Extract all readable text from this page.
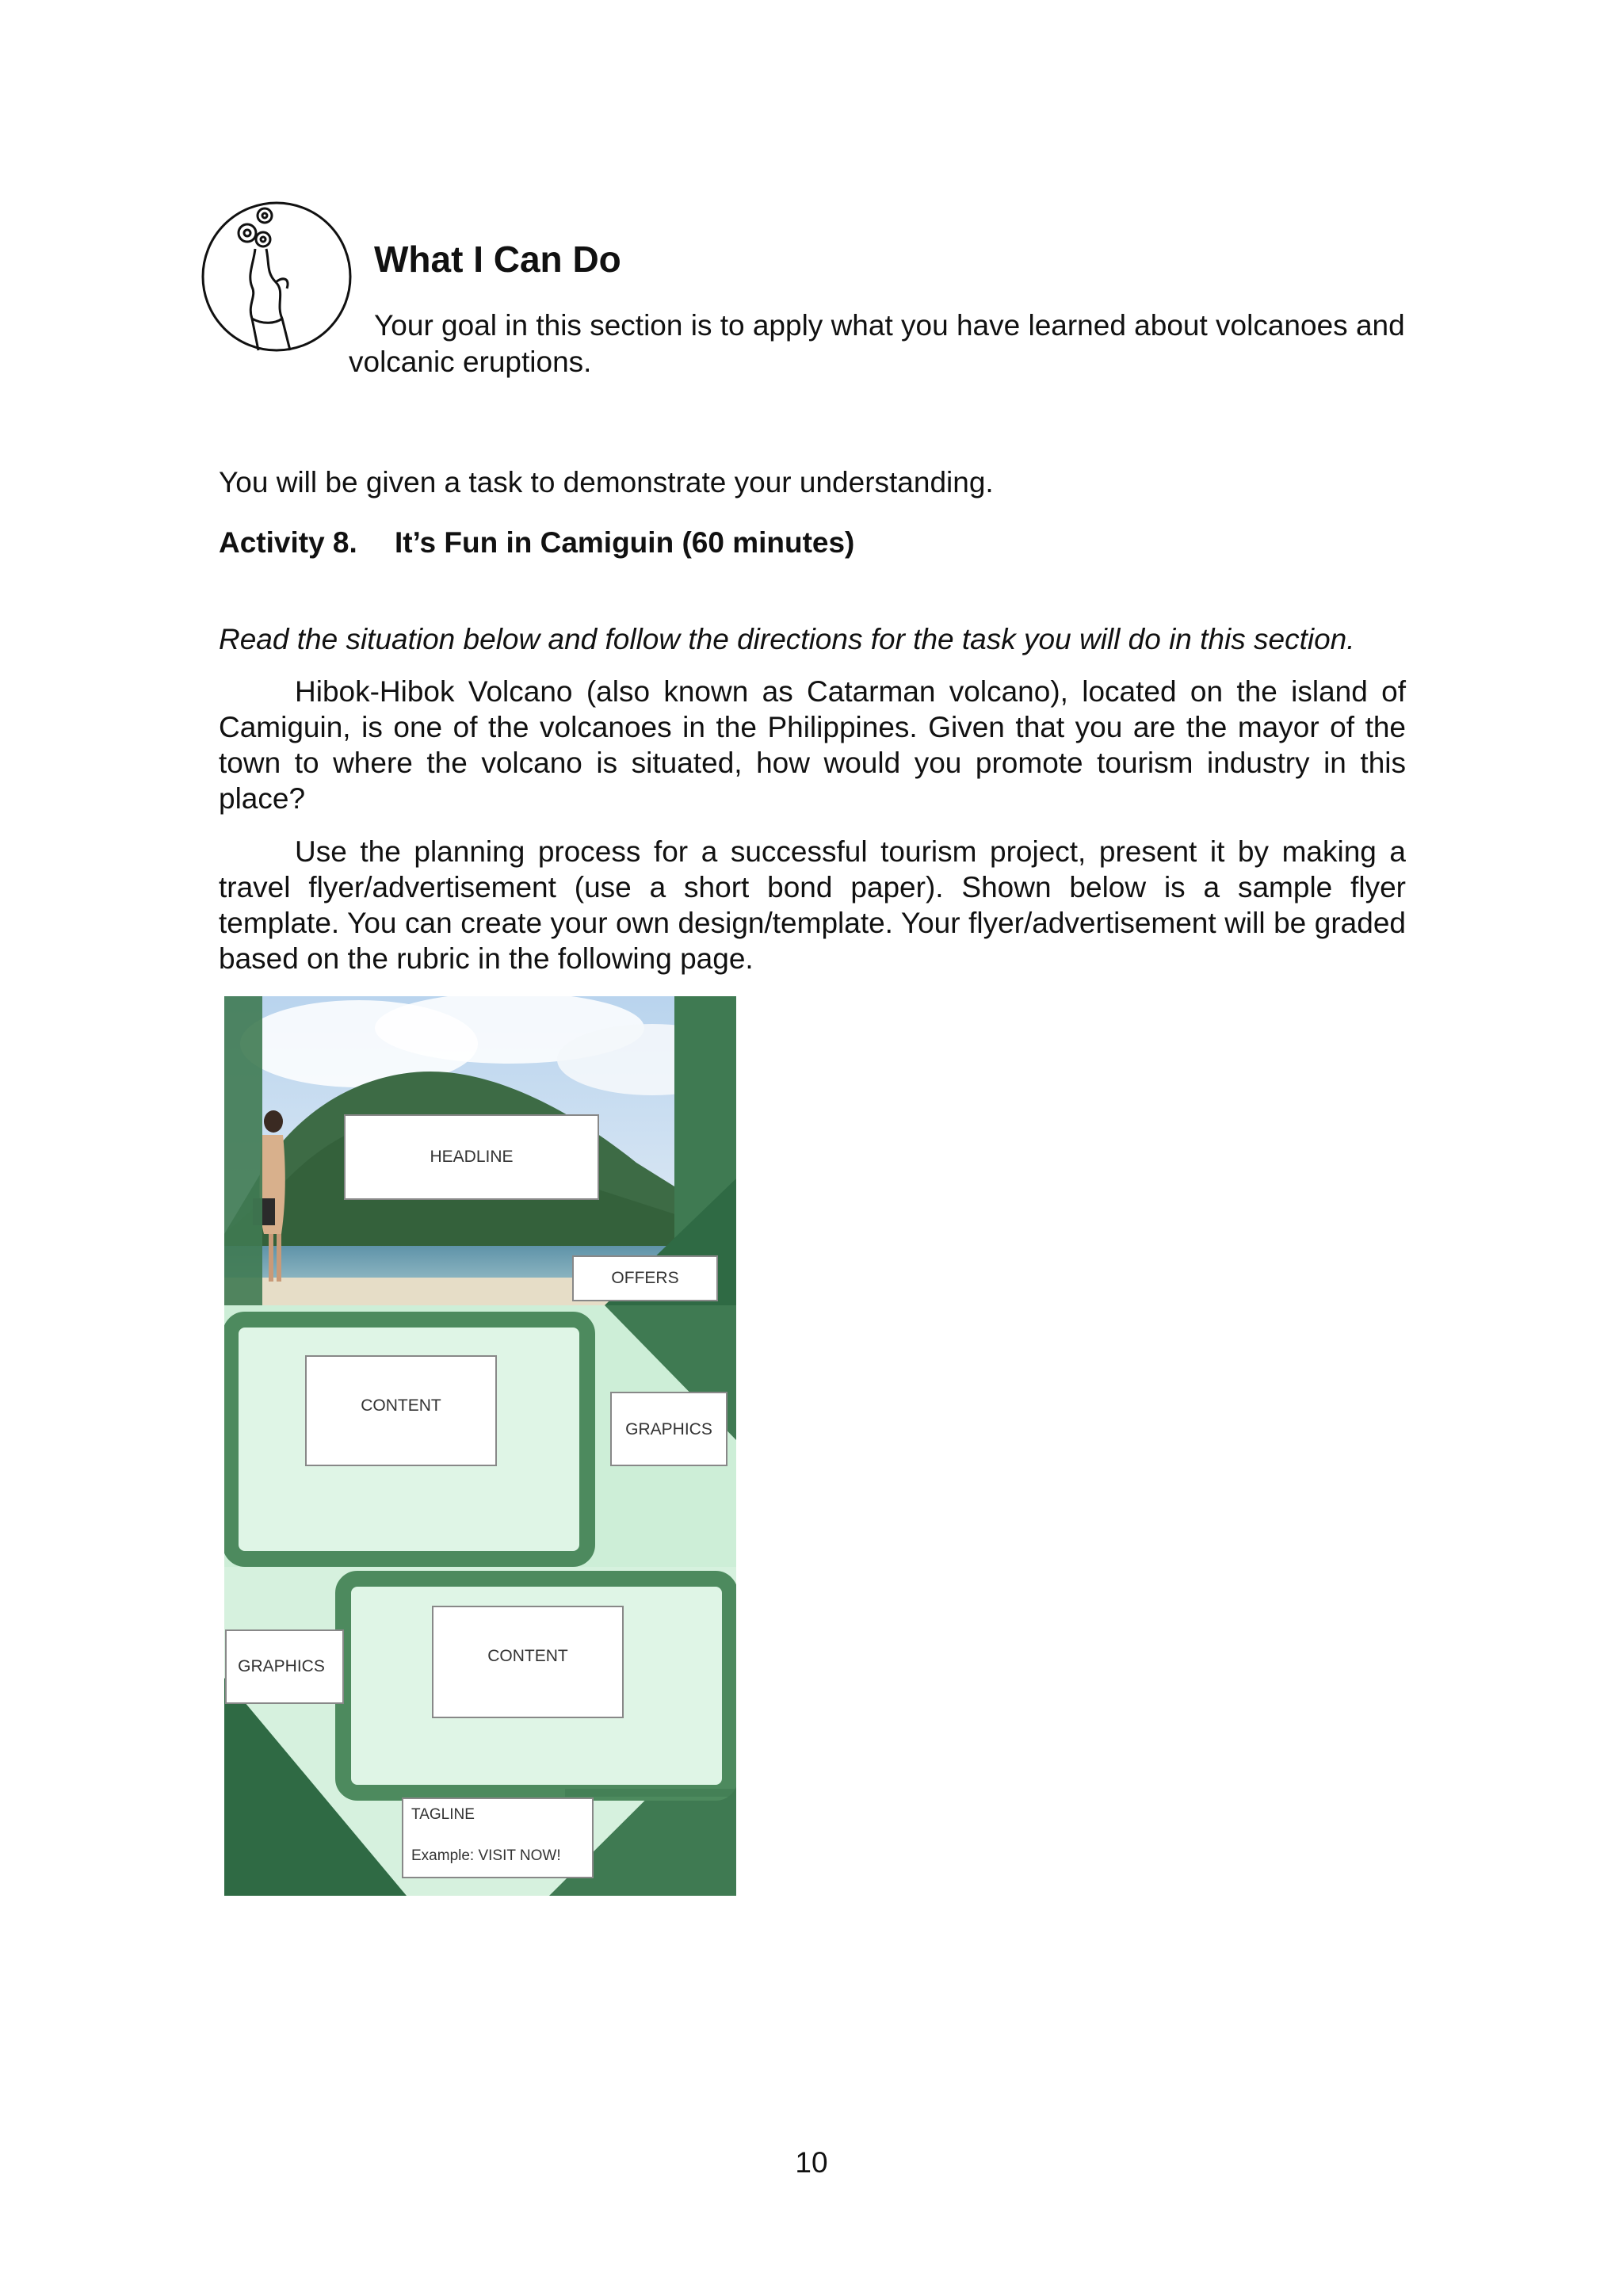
What I Can Do
Your goal in this section is to apply what you have learned about volcanoes and
volcanic eruptions.
You will be given a task to demonstrate your understanding.
Activity 8. It’s Fun in Camiguin (60 minutes)
Read the situation below and follow the directions for the task you will do in this section.
Hibok-Hibok Volcano (also known as Catarman volcano), located on the island of Camiguin, is one of the volcanoes in the Philippines. Given that you are the mayor of the town to where the volcano is situated, how would you promote tourism industry in this place?
Use the planning process for a successful tourism project, present it by making a travel flyer/advertisement (use a short bond paper). Shown below is a sample flyer template. You can create your own design/template. Your flyer/advertisement will be graded based on the rubric in the following page.
HEADLINE
OFFERS
CONTENT
GRAPHICS
GRAPHICS
CONTENT
TAGLINE
Example: VISIT NOW!
10
